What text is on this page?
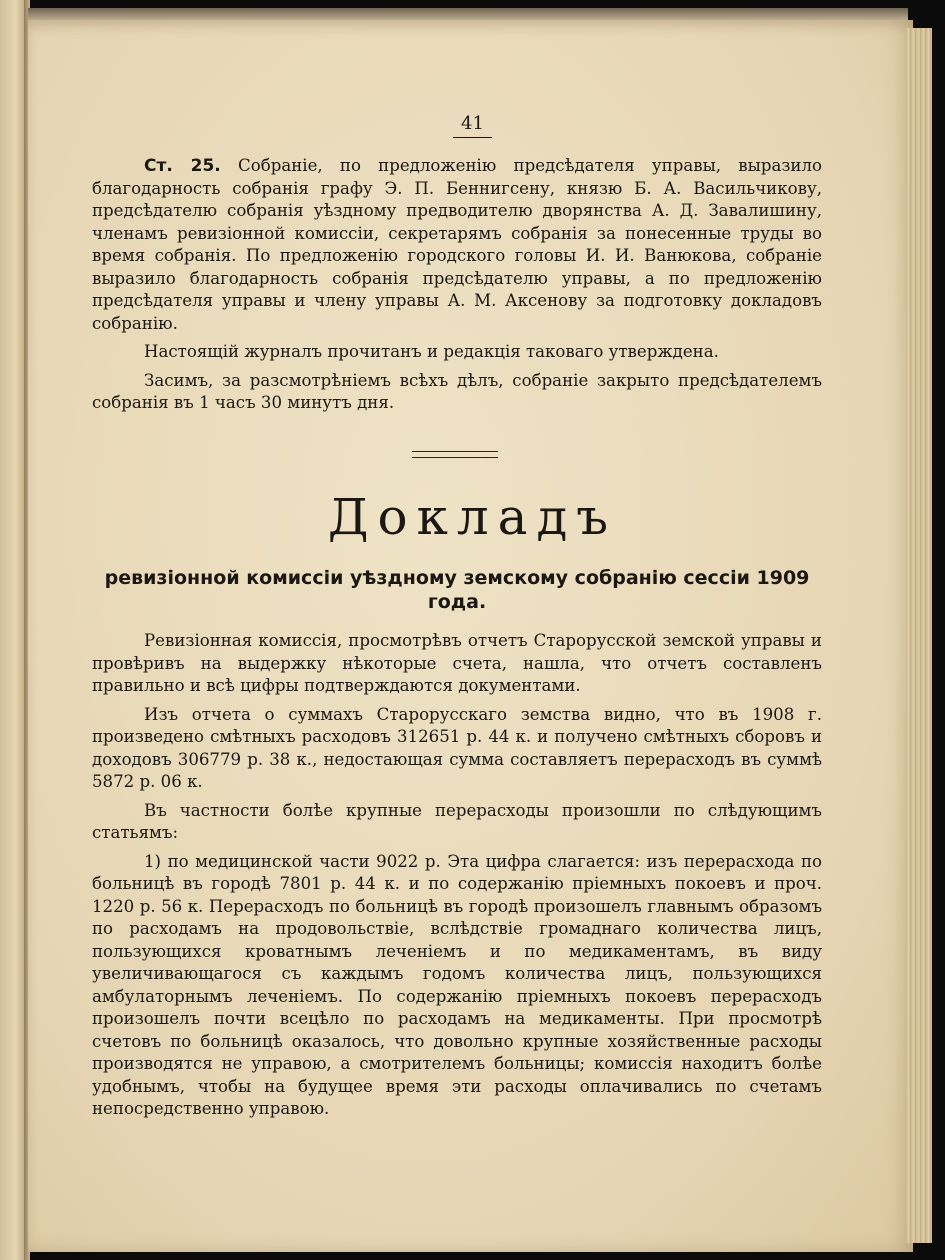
41

Ст. 25. Собраніе, по предложенію предсѣдателя управы, выразило благодарность собранія графу Э. П. Беннигсену, князю Б. А. Васильчикову, предсѣдателю собранія уѣздному предводителю дворянства А. Д. Завалишину, членамъ ревизіонной комиссіи, секретарямъ собранія за понесенные труды во время собранія. По предложенію городского головы И. И. Ванюкова, собраніе выразило благодарность собранія предсѣдателю управы, а по предложенію предсѣдателя управы и члену управы А. М. Аксенову за подготовку докладовъ собранію.

Настоящій журналъ прочитанъ и редакція таковаго утвержденa.

Засимъ, за разсмотрѣніемъ всѣхъ дѣлъ, собраніе закрыто предсѣдателемъ собранія въ 1 часъ 30 минутъ дня.

Докладъ
ревизіонной комиссіи уѣздному земскому собранію сессіи 1909 года.

Ревизіонная комиссія, просмотрѣвъ отчетъ Старорусской земской управы и провѣривъ на выдержку нѣкоторые счета, нашла, что отчетъ составленъ правильно и всѣ цифры подтверждаются документами.

Изъ отчета о суммахъ Старорусскаго земства видно, что въ 1908 г. произведено смѣтныхъ расходовъ 312651 р. 44 к. и получено смѣтныхъ сборовъ и доходовъ 306779 р. 38 к., недостающая сумма составляетъ перерасходъ въ суммѣ 5872 р. 06 к.

Въ частности болѣе крупные перерасходы произошли по слѣдующимъ статьямъ:

1) по медицинской части 9022 р. Эта цифра слагается: изъ перерасхода по больницѣ въ городѣ 7801 р. 44 к. и по содержанію пріемныхъ покоевъ и проч. 1220 р. 56 к. Перерасходъ по больницѣ въ городѣ произошелъ главнымъ образомъ по расходамъ на продовольствіе, вслѣдствіе громаднаго количества лицъ, пользующихся кроватнымъ леченіемъ и по медикаментамъ, въ виду увеличивающагося съ каждымъ годомъ количества лицъ, пользующихся амбулаторнымъ леченіемъ. По содержанію пріемныхъ покоевъ перерасходъ произошелъ почти всецѣло по расходамъ на медикаменты. При просмотрѣ счетовъ по больницѣ оказалось, что довольно крупные хозяйственные расходы производятся не управою, а смотрителемъ больницы; комиссія находитъ болѣе удобнымъ, чтобы на будущее время эти расходы оплачивались по счетамъ непосредственно управою.
